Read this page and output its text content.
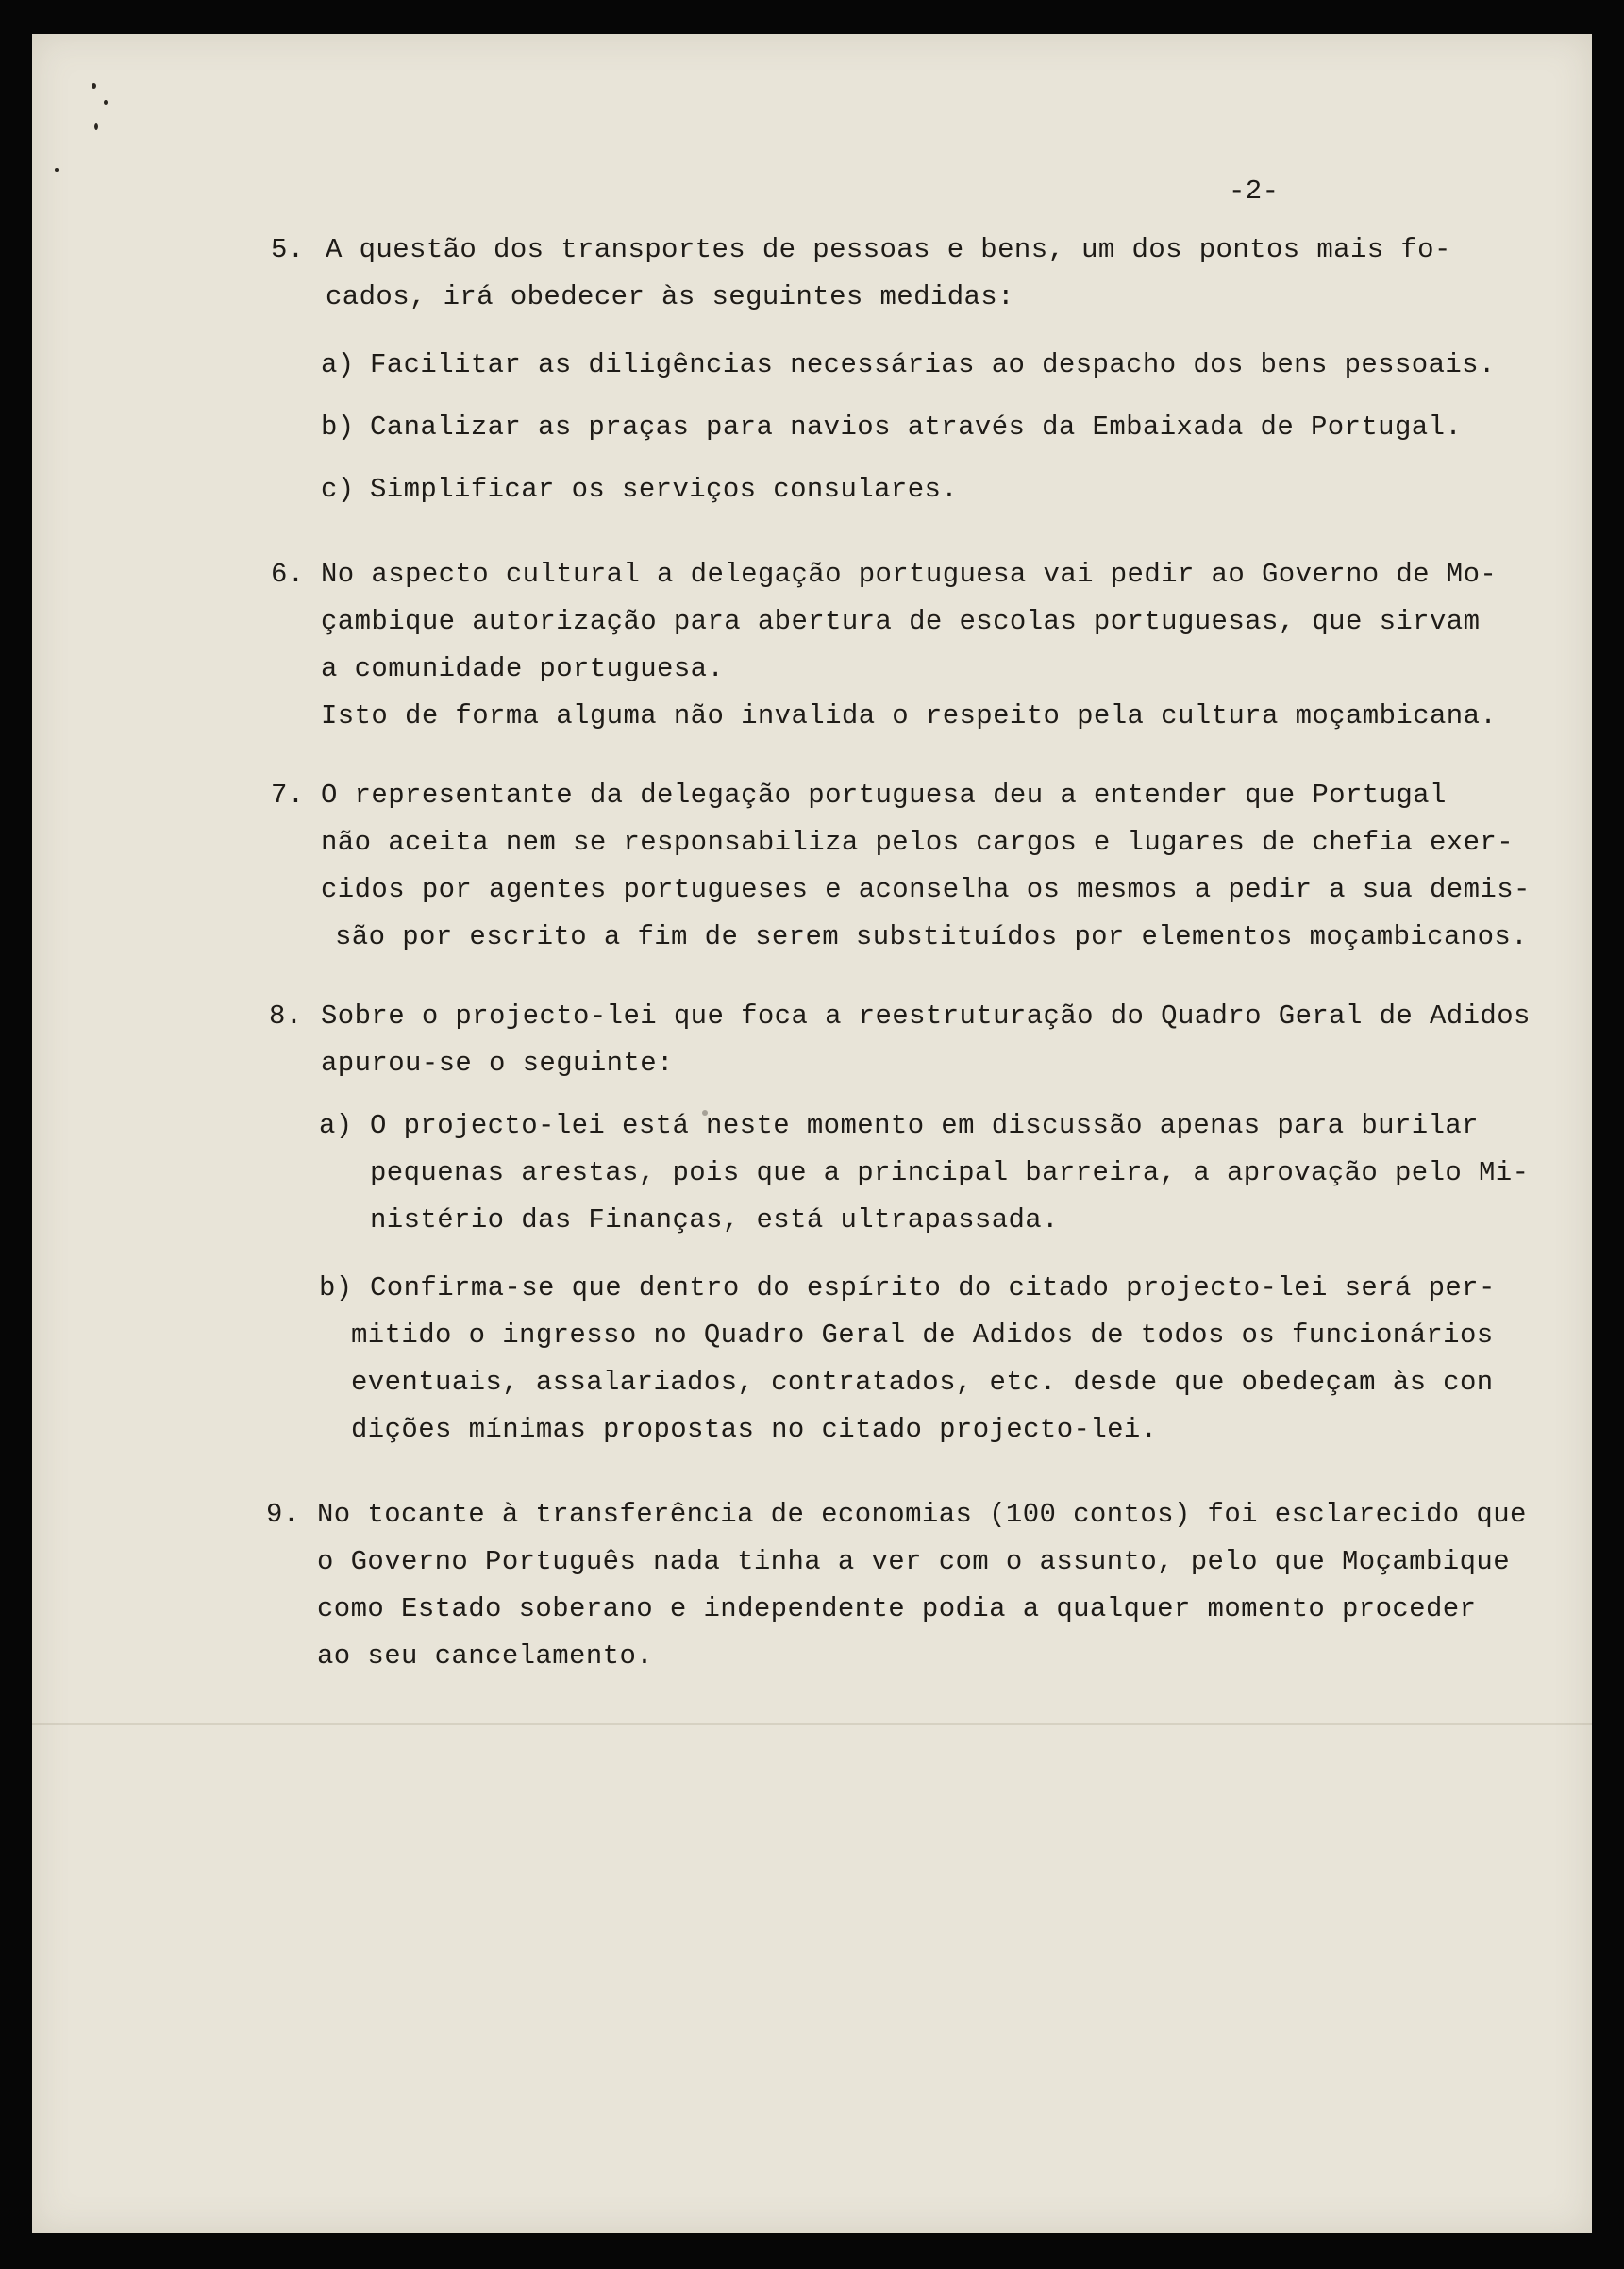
-2-
5. A questão dos transportes de pessoas e bens, um dos pontos mais fo-
cados, irá obedecer às seguintes medidas:
a) Facilitar as diligências necessárias ao despacho dos bens pessoais.
b) Canalizar as praças para navios através da Embaixada de Portugal.
c) Simplificar os serviços consulares.
6. No aspecto cultural a delegação portuguesa vai pedir ao Governo de Mo-
çambique autorização para abertura de escolas portuguesas, que sirvam
a comunidade portuguesa.
Isto de forma alguma não invalida o respeito pela cultura moçambicana.
7. O representante da delegação portuguesa deu a entender que Portugal
não aceita nem se responsabiliza pelos cargos e lugares de chefia exer-
cidos por agentes portugueses e aconselha os mesmos a pedir a sua demis-
são por escrito a fim de serem substituídos por elementos moçambicanos.
8. Sobre o projecto-lei que foca a reestruturação do Quadro Geral de Adidos
apurou-se o seguinte:
a) O projecto-lei está neste momento em discussão apenas para burilar
pequenas arestas, pois que a principal barreira, a aprovação pelo Mi-
nistério das Finanças, está ultrapassada.
b) Confirma-se que dentro do espírito do citado projecto-lei será per-
mitido o ingresso no Quadro Geral de Adidos de todos os funcionários
eventuais, assalariados, contratados, etc. desde que obedeçam às con
dições mínimas propostas no citado projecto-lei.
9. No tocante à transferência de economias (100 contos) foi esclarecido que
o Governo Português nada tinha a ver com o assunto, pelo que Moçambique
como Estado soberano e independente podia a qualquer momento proceder
ao seu cancelamento.
